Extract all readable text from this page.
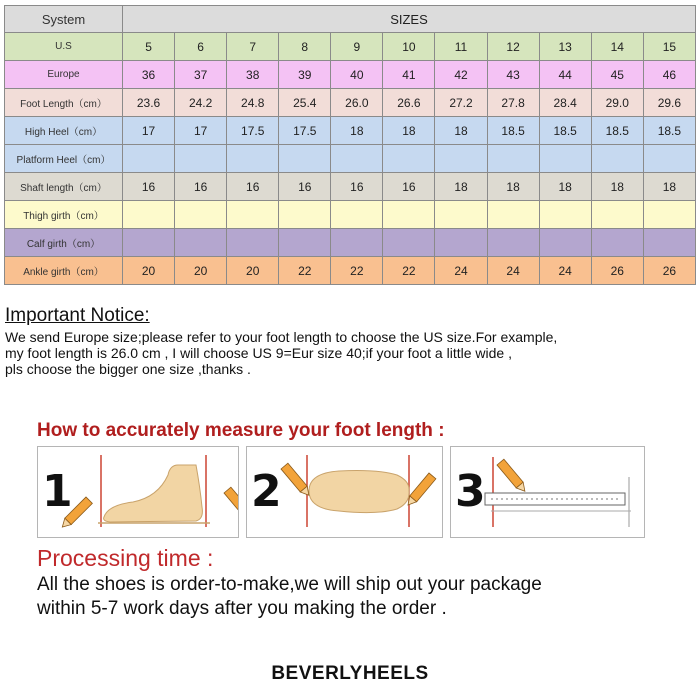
System	SIZES										
U.S	5	6	7	8	9	10	11	12	13	14	15
Europe	36	37	38	39	40	41	42	43	44	45	46
Foot Length（cm）	23.6	24.2	24.8	25.4	26.0	26.6	27.2	27.8	28.4	29.0	29.6
High Heel（cm）	17	17	17.5	17.5	18	18	18	18.5	18.5	18.5	18.5
Platform Heel（cm）											
Shaft length（cm）	16	16	16	16	16	16	18	18	18	18	18
Thigh girth（cm）											
Calf girth（cm）											
Ankle girth（cm）	20	20	20	22	22	22	24	24	24	26	26
Important Notice:
We send Europe size;please refer to your foot length to choose the US size.For example,
my foot length is 26.0 cm , I will choose US 9=Eur size 40;if your foot a little wide ,
pls choose the bigger one size ,thanks .
How to accurately measure your foot length :
1	2	3
Processing time :
All the shoes is order-to-make,we will ship out your package
within 5-7 work days after you making the order .
BEVERLYHEELS
